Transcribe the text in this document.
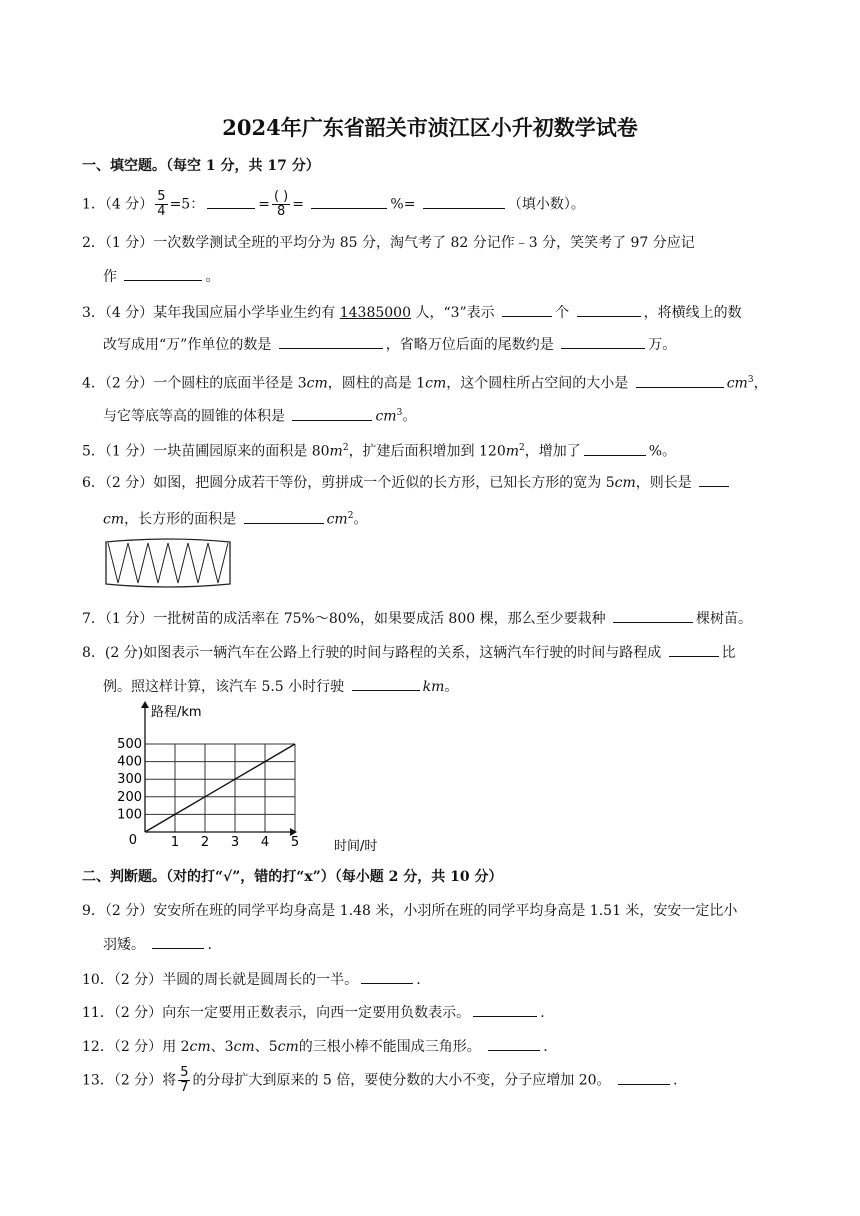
2024年广东省韶关市浈江区小升初数学试卷
一、填空题。（每空 1 分，共 17 分）
1．（4 分） $\frac{5}{4} =5$：	= $\frac{( )}{8}$ =	%=	（填小数）。
2．（1 分）一次数学测试全班的平均分为 85 分，淘气考了 82 分记作﹣3 分，笑笑考了 97 分应记
作	。
3．（4 分）某年我国应届小学毕业生约有 14385000 人，“3”表示	个	，将横线上的数
改写成用“万”作单位的数是	，省略万位后面的尾数约是	万。
4．（2 分）一个圆柱的底面半径是 3cm，圆柱的高是 1cm，这个圆柱所占空间的大小是	$cm^3$，
与它等底等高的圆锥的体积是	$cm^3$。
5．（1 分）一块苗圃园原来的面积是 $80m^2$，扩建后面积增加到 $120m^2$，增加了	%。
6．（2 分）如图，把圆分成若干等份，剪拼成一个近似的长方形，已知长方形的宽为 5cm，则长是
cm，长方形的面积是	$cm^2$。
7．（1 分）一批树苗的成活率在 75%～80%，如果要成活 800 棵，那么至少要栽种	棵树苗。
8．(2 分)如图表示一辆汽车在公路上行驶的时间与路程的关系，这辆汽车行驶的时间与路程成	比
例。照这样计算，该汽车 5.5 小时行驶	km。
1 2 3 4 5
100
200
300
400
500
0
路程/km
时间/时
二、判断题。（对的打“√”，错的打“x”）（每小题 2 分，共 10 分）
9．（2 分）安安所在班的同学平均身高是 1.48 米，小羽所在班的同学平均身高是 1.51 米，安安一定比小
羽矮。	.
10．（2 分）半圆的周长就是圆周长的一半。	.
11．（2 分）向东一定要用正数表示，向西一定要用负数表示。	.
12．（2 分）用 2cm、3cm、5cm的三根小棒不能围成三角形。	.
13．（2 分）将 $\frac{5}{7}$ 的分母扩大到原来的 5 倍，要使分数的大小不变，分子应增加 20。	.
